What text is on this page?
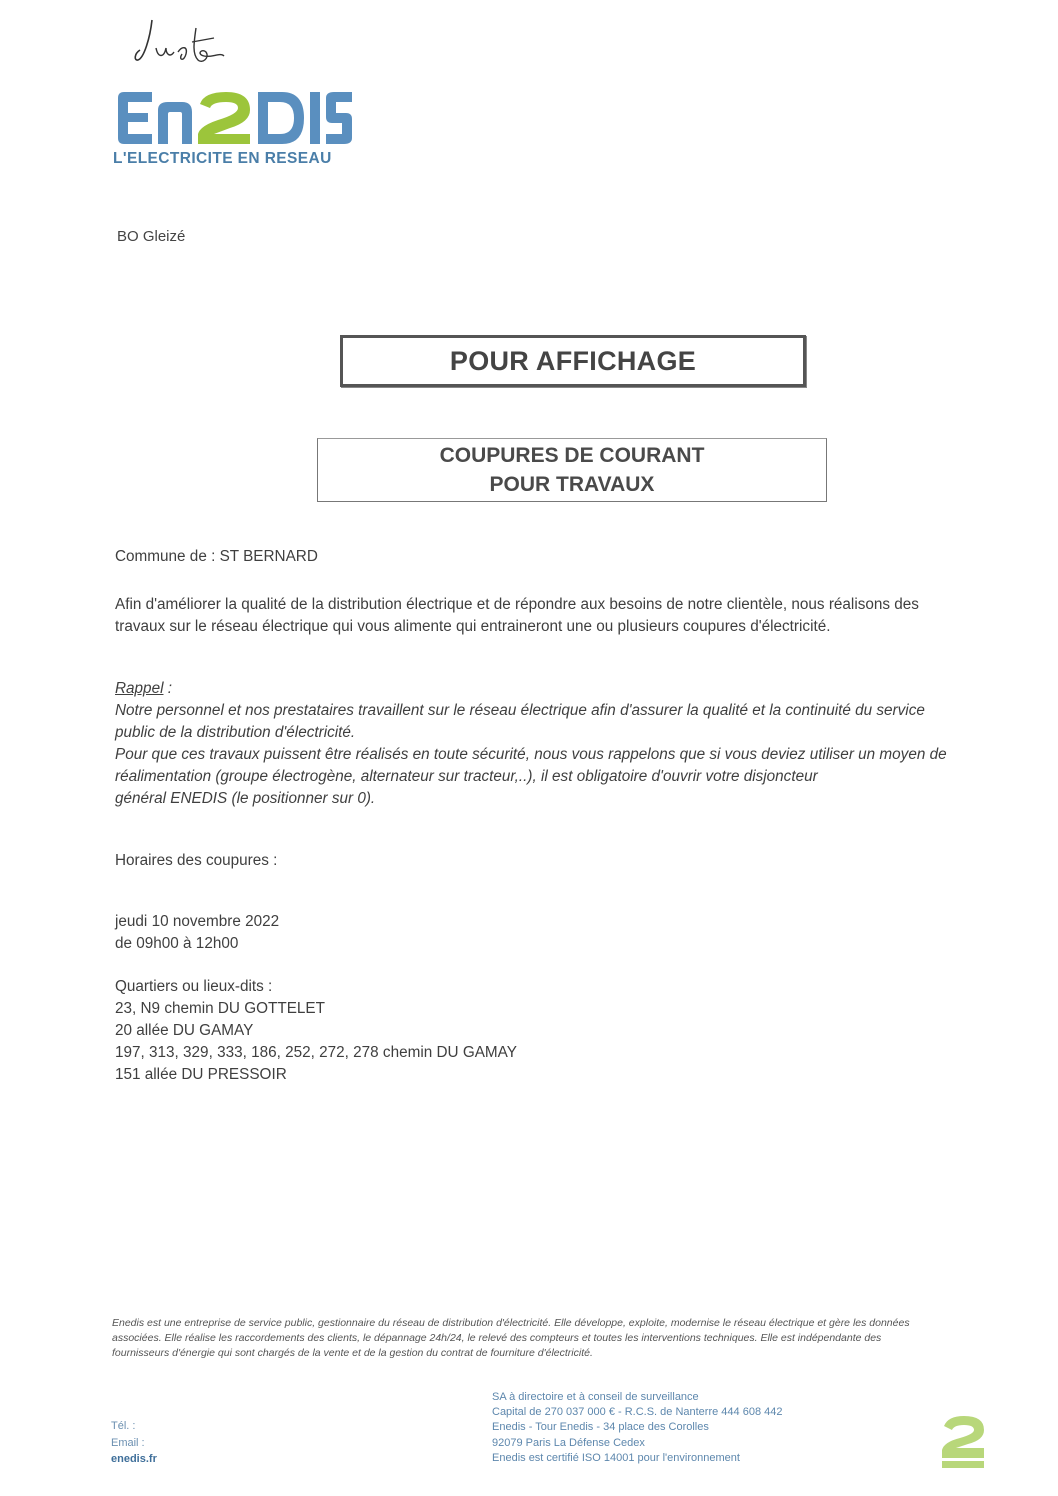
L'ELECTRICITE EN RESEAU
BO Gleizé
POUR AFFICHAGE
COUPURES DE COURANT
POUR TRAVAUX
Commune de : ST BERNARD
Afin d'améliorer la qualité de la distribution électrique et de répondre aux besoins de notre clientèle, nous réalisons des
travaux sur le réseau électrique qui vous alimente qui entraineront une ou plusieurs coupures d'électricité.
Rappel :
Notre personnel et nos prestataires travaillent sur le réseau électrique afin d'assurer la qualité et la continuité du service
public de la distribution d'électricité.
Pour que ces travaux puissent être réalisés en toute sécurité, nous vous rappelons que si vous deviez utiliser un moyen de
réalimentation (groupe électrogène, alternateur sur tracteur,..), il est obligatoire d'ouvrir votre disjoncteur
général ENEDIS (le positionner sur 0).
Horaires des coupures :
jeudi 10 novembre 2022
de 09h00 à 12h00
Quartiers ou lieux-dits :
23, N9 chemin DU GOTTELET
20 allée DU GAMAY
197, 313, 329, 333, 186, 252, 272, 278 chemin DU GAMAY
151 allée DU PRESSOIR
Enedis est une entreprise de service public, gestionnaire du réseau de distribution d'électricité. Elle développe, exploite, modernise le réseau électrique et gère les données
associées. Elle réalise les raccordements des clients, le dépannage 24h/24, le relevé des compteurs et toutes les interventions techniques. Elle est indépendante des
fournisseurs d'énergie qui sont chargés de la vente et de la gestion du contrat de fourniture d'électricité.
Tél. :
Email :
enedis.fr
SA à directoire et à conseil de surveillance
Capital de 270 037 000 € - R.C.S. de Nanterre 444 608 442
Enedis - Tour Enedis - 34 place des Corolles
92079 Paris La Défense Cedex
Enedis est certifié ISO 14001 pour l'environnement
